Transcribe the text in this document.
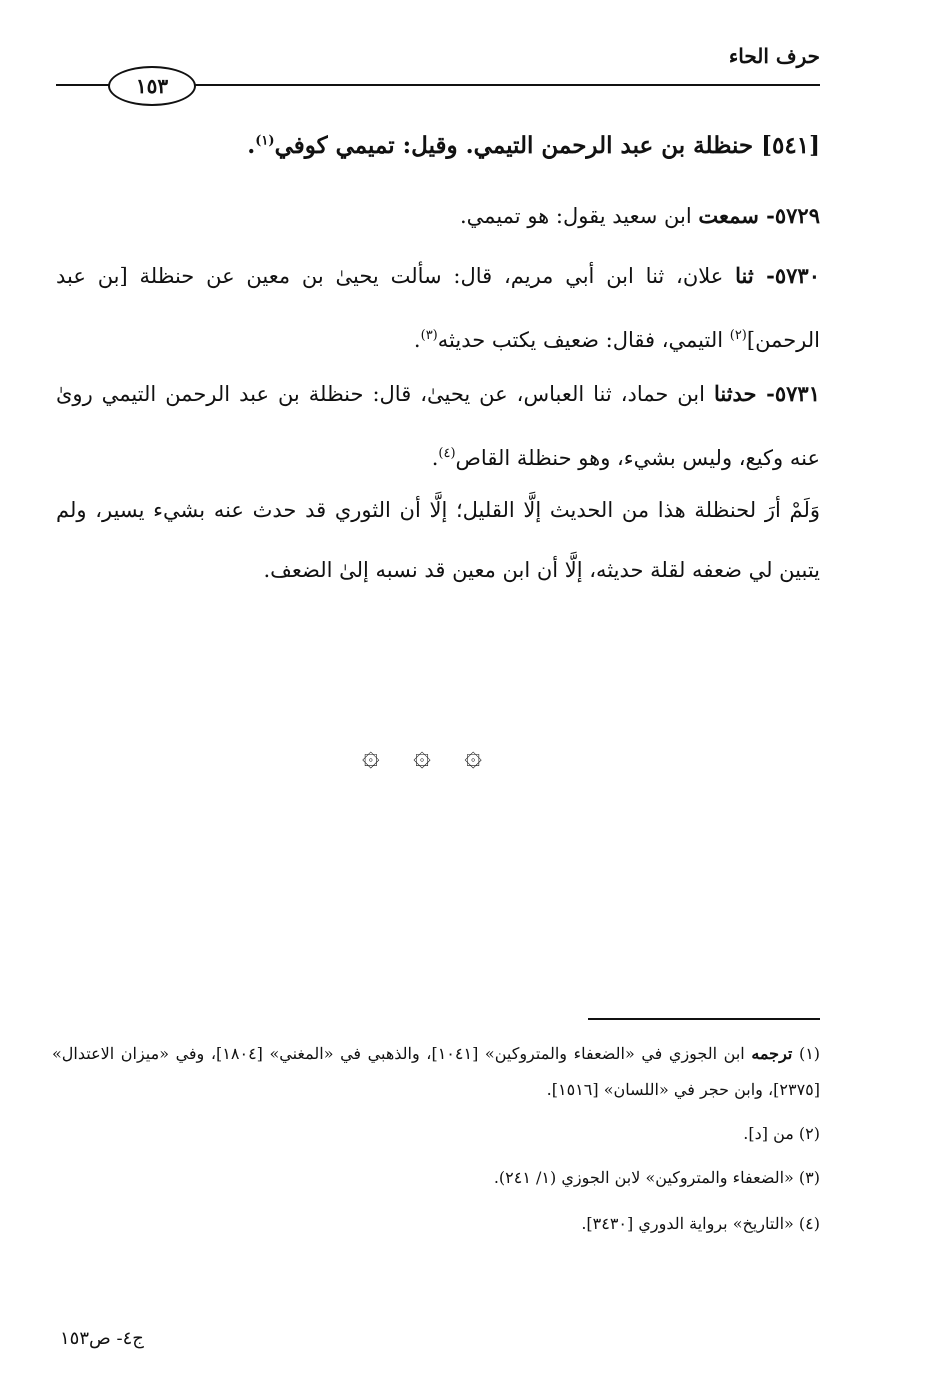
حرف الحاء
١٥٣
[٥٤١] حنظلة بن عبد الرحمن التيمي. وقيل: تميمي كوفي$^{(١)}$.
٥٧٢٩- سمعت ابن سعيد يقول: هو تميمي.
٥٧٣٠- ثنا علان، ثنا ابن أبي مريم، قال: سألت يحيىٰ بن معين عن حنظلة [بن عبد الرحمن]$^{(٢)}$ التيمي، فقال: ضعيف يكتب حديثه$^{(٣)}$.
٥٧٣١- حدثنا ابن حماد، ثنا العباس، عن يحيىٰ، قال: حنظلة بن عبد الرحمن التيمي روىٰ عنه وكيع، وليس بشيء، وهو حنظلة القاص$^{(٤)}$.
وَلَمْ أرَ لحنظلة هذا من الحديث إلَّا القليل؛ إلَّا أن الثوري قد حدث عنه بشيء يسير، ولم يتبين لي ضعفه لقلة حديثه، إلَّا أن ابن معين قد نسبه إلىٰ الضعف.
۞ ۞ ۞
(١) ترجمه ابن الجوزي في «الضعفاء والمتروكين» [١٠٤١]، والذهبي في «المغني» [١٨٠٤]، وفي «ميزان الاعتدال» [٢٣٧٥]، وابن حجر في «اللسان» [١٥١٦].
(٢) من [د].
(٣) «الضعفاء والمتروكين» لابن الجوزي (١/ ٢٤١).
(٤) «التاريخ» برواية الدوري [٣٤٣٠].
ج٤- ص١٥٣
